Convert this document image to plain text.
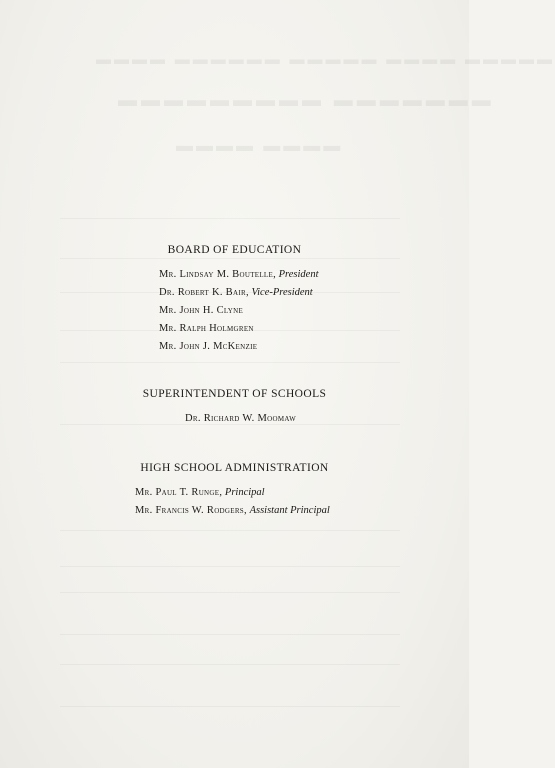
▬▬▬▬ ▬▬▬▬▬▬ ▬▬▬▬▬ ▬▬▬▬ ▬▬▬▬▬
▬▬▬▬▬▬▬▬▬ ▬▬▬▬▬▬▬
▬▬▬▬ ▬▬▬▬
BOARD OF EDUCATION
Mr. Lindsay M. Boutelle, President
Dr. Robert K. Bair, Vice-President
Mr. John H. Clyne
Mr. Ralph Holmgren
Mr. John J. McKenzie
SUPERINTENDENT OF SCHOOLS
Dr. Richard W. Moomaw
HIGH SCHOOL ADMINISTRATION
Mr. Paul T. Runge, Principal
Mr. Francis W. Rodgers, Assistant Principal
